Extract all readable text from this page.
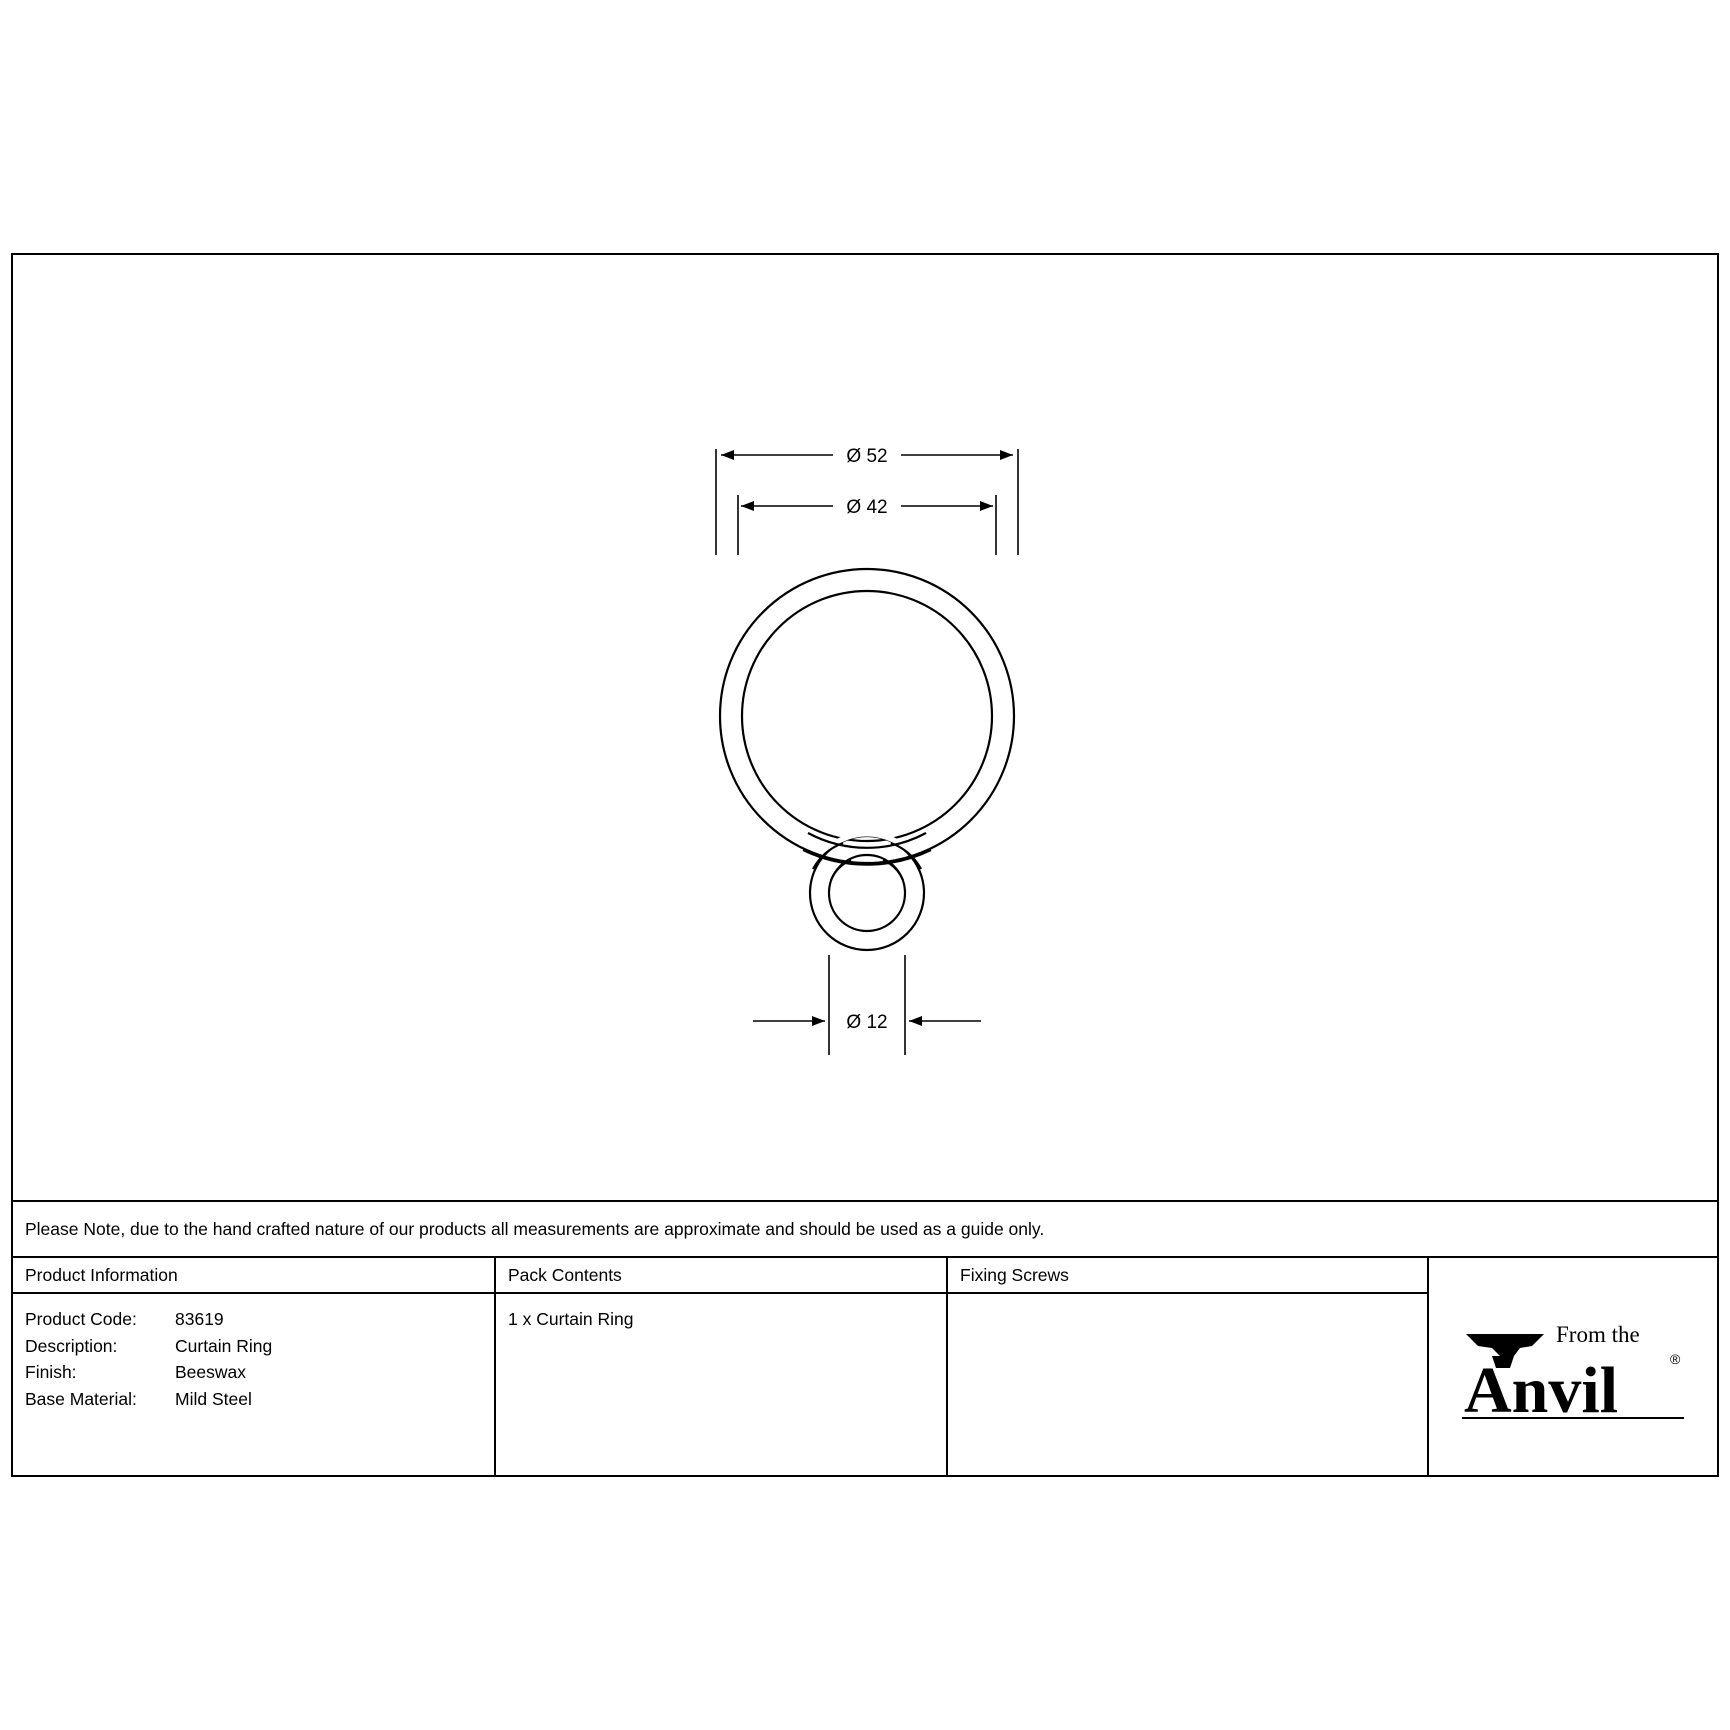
Ø 52
Ø 42
Ø 12
Please Note, due to the hand crafted nature of our products all measurements are approximate and should be used as a guide only.
Product Information
Product Code:	83619
Description:	Curtain Ring
Finish:	Beeswax
Base Material:	Mild Steel
Pack Contents
1 x Curtain Ring
Fixing Screws
From the
Anvil	®
